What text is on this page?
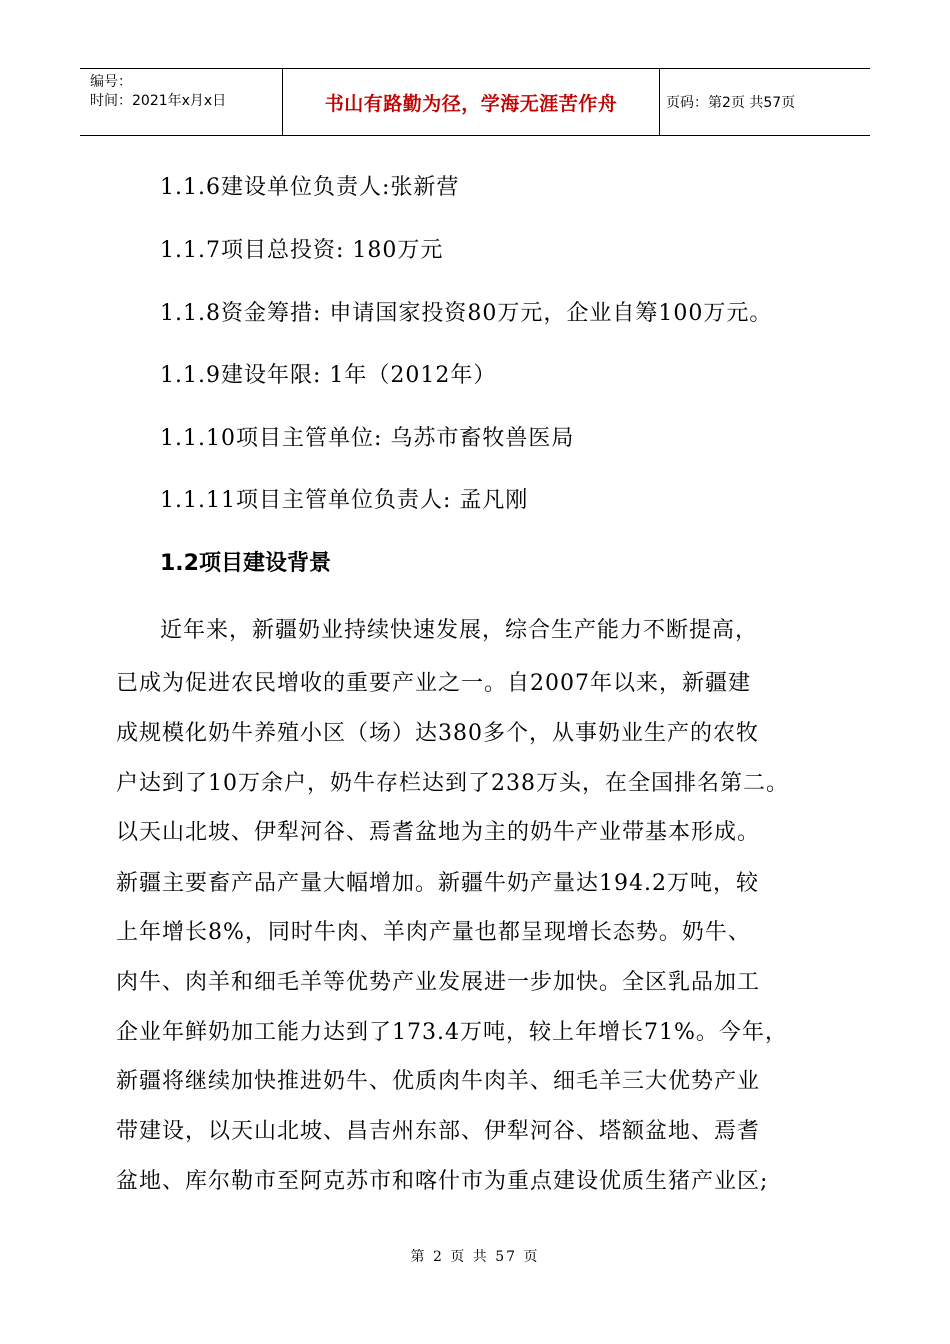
编号：
时间：2021年x月x日	书山有路勤为径，学海无涯苦作舟	页码：第2页 共57页
1.1.6建设单位负责人:张新营
1.1.7项目总投资: 180万元
1.1.8资金筹措: 申请国家投资80万元，企业自筹100万元。
1.1.9建设年限: 1年（2012年）
1.1.10项目主管单位: 乌苏市畜牧兽医局
1.1.11项目主管单位负责人: 孟凡刚
1.2项目建设背景
近年来，新疆奶业持续快速发展，综合生产能力不断提高，
已成为促进农民增收的重要产业之一。自2007年以来，新疆建
成规模化奶牛养殖小区（场）达380多个，从事奶业生产的农牧
户达到了10万余户，奶牛存栏达到了238万头，在全国排名第二。
以天山北坡、伊犁河谷、焉耆盆地为主的奶牛产业带基本形成。
新疆主要畜产品产量大幅增加。新疆牛奶产量达194.2万吨，较
上年增长8%，同时牛肉、羊肉产量也都呈现增长态势。奶牛、
肉牛、肉羊和细毛羊等优势产业发展进一步加快。全区乳品加工
企业年鲜奶加工能力达到了173.4万吨，较上年增长71%。今年，
新疆将继续加快推进奶牛、优质肉牛肉羊、细毛羊三大优势产业
带建设，以天山北坡、昌吉州东部、伊犁河谷、塔额盆地、焉耆
盆地、库尔勒市至阿克苏市和喀什市为重点建设优质生猪产业区;
第 2 页 共 57 页
